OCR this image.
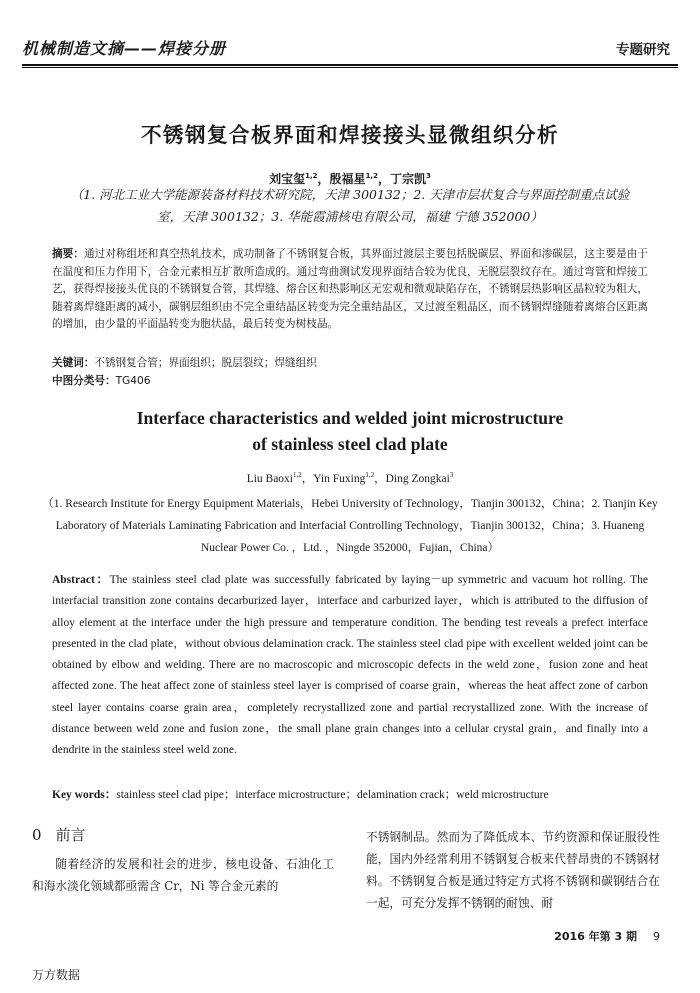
机械制造文摘——焊接分册	专题研究
不锈钢复合板界面和焊接接头显微组织分析
刘宝玺$^{1,2}$，殷福星$^{1,2}$，丁宗凯$^3$
（1. 河北工业大学能源装备材料技术研究院，天津 300132；2. 天津市层状复合与界面控制重点试验室，天津 300132；3. 华能霞浦核电有限公司，福建 宁德 352000）
摘要：通过对称组坯和真空热轧技术，成功制备了不锈钢复合板，其界面过渡层主要包括脱碳层、界面和渗碳层，这主要是由于在温度和压力作用下，合金元素相互扩散所造成的。通过弯曲测试发现界面结合较为优良，无脱层裂纹存在。通过弯管和焊接工艺，获得焊接接头优良的不锈钢复合管，其焊缝、熔合区和热影响区无宏观和微观缺陷存在，不锈钢层热影响区晶粒较为粗大，随着离焊缝距离的减小，碳钢层组织由不完全重结晶区转变为完全重结晶区，又过渡至粗晶区，而不锈钢焊缝随着离熔合区距离的增加，由少量的平面晶转变为胞状晶，最后转变为树枝晶。
关键词：不锈钢复合管；界面组织；脱层裂纹；焊缝组织
中图分类号：TG406
Interface characteristics and welded joint microstructure
of stainless steel clad plate
Liu Baoxi$^{1,2}$，Yin Fuxing$^{1,2}$，Ding Zongkai$^3$
（1. Research Institute for Energy Equipment Materials，Hebei University of Technology，Tianjin 300132，China；2. Tianjin Key Laboratory of Materials Laminating Fabrication and Interfacial Controlling Technology，Tianjin 300132，China；3. Huaneng Nuclear Power Co. ，Ltd. ，Ningde 352000，Fujian，China）
Abstract：The stainless steel clad plate was successfully fabricated by laying－up symmetric and vacuum hot rolling. The interfacial transition zone contains decarburized layer，interface and carburized layer，which is attributed to the diffusion of alloy element at the interface under the high pressure and temperature condition. The bending test reveals a prefect interface presented in the clad plate，without obvious delamination crack. The stainless steel clad pipe with excellent welded joint can be obtained by elbow and welding. There are no macroscopic and microscopic defects in the weld zone，fusion zone and heat affected zone. The heat affect zone of stainless steel layer is comprised of coarse grain，whereas the heat affect zone of carbon steel layer contains coarse grain area，completely recrystallized zone and partial recrystallized zone. With the increase of distance between weld zone and fusion zone，the small plane grain changes into a cellular crystal grain，and finally into a dendrite in the stainless steel weld zone.
Key words：stainless steel clad pipe；interface microstructure；delamination crack；weld microstructure
0 前言
随着经济的发展和社会的进步，核电设备、石油化工和海水淡化领域都亟需含 Cr，Ni 等合金元素的
不锈钢制品。然而为了降低成本、节约资源和保证服役性能，国内外经常利用不锈钢复合板来代替昂贵的不锈钢材料。不锈钢复合板是通过特定方式将不锈钢和碳钢结合在一起，可充分发挥不锈钢的耐蚀、耐
2016 年第 3 期 9
万方数据
